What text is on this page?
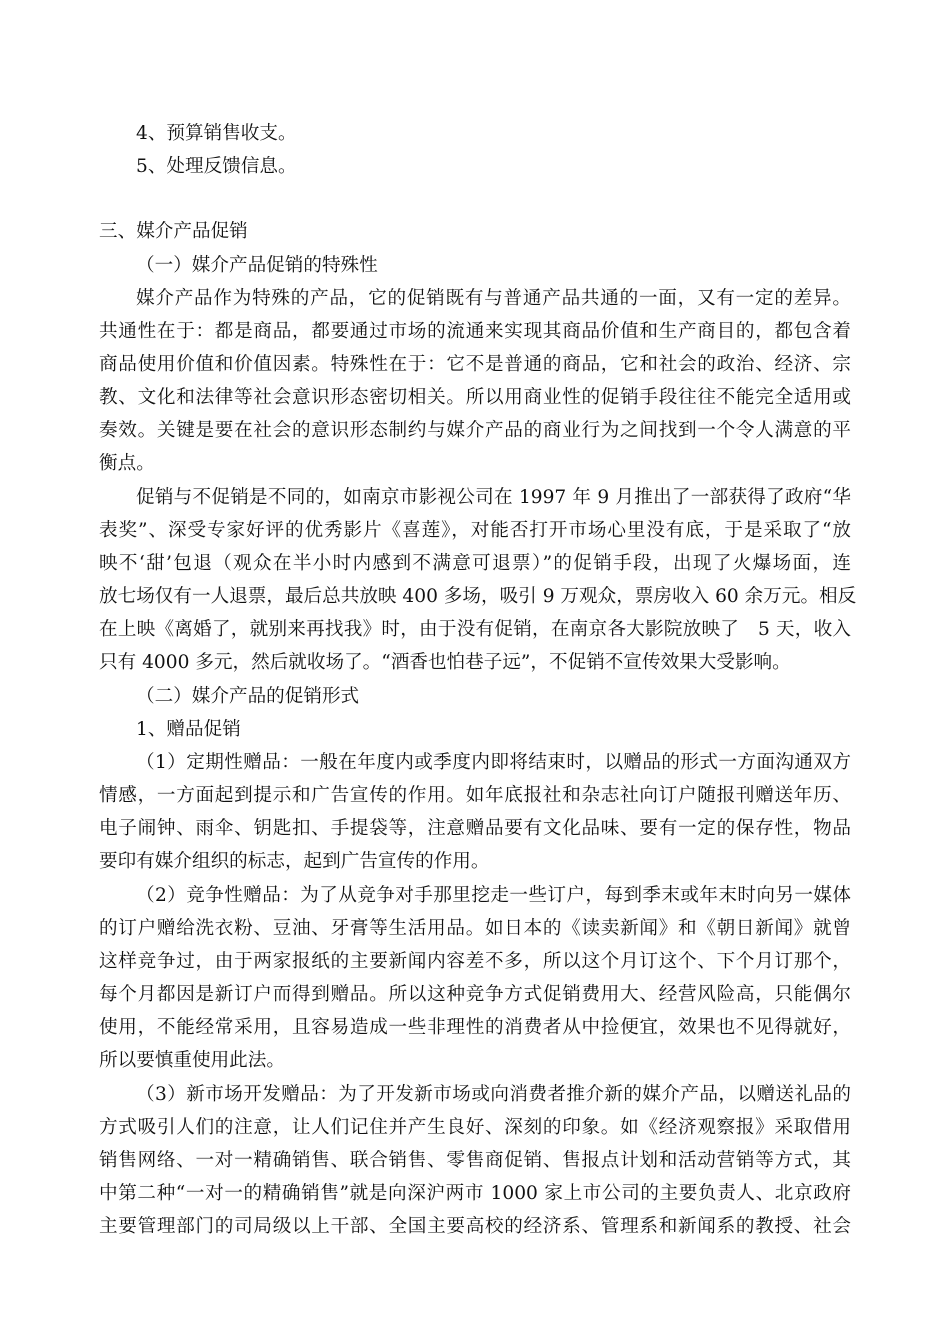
4、预算销售收支。
5、处理反馈信息。
三、媒介产品促销
（一）媒介产品促销的特殊性
媒介产品作为特殊的产品，它的促销既有与普通产品共通的一面，又有一定的差异。
共通性在于：都是商品，都要通过市场的流通来实现其商品价值和生产商目的，都包含着
商品使用价值和价值因素。特殊性在于：它不是普通的商品，它和社会的政治、经济、宗
教、文化和法律等社会意识形态密切相关。所以用商业性的促销手段往往不能完全适用或
奏效。关键是要在社会的意识形态制约与媒介产品的商业行为之间找到一个令人满意的平
衡点。
促销与不促销是不同的，如南京市影视公司在 1997 年 9 月推出了一部获得了政府“华
表奖”、深受专家好评的优秀影片《喜莲》，对能否打开市场心里没有底，于是采取了“放
映不‘甜’包退（观众在半小时内感到不满意可退票）”的促销手段，出现了火爆场面，连
放七场仅有一人退票，最后总共放映 400 多场，吸引 9 万观众，票房收入 60 余万元。相反
在上映《离婚了，就别来再找我》时，由于没有促销，在南京各大影院放映了　5 天，收入
只有 4000 多元，然后就收场了。“酒香也怕巷子远”，不促销不宣传效果大受影响。
（二）媒介产品的促销形式
1、赠品促销
（1）定期性赠品：一般在年度内或季度内即将结束时，以赠品的形式一方面沟通双方
情感，一方面起到提示和广告宣传的作用。如年底报社和杂志社向订户随报刊赠送年历、
电子闹钟、雨伞、钥匙扣、手提袋等，注意赠品要有文化品味、要有一定的保存性，物品
要印有媒介组织的标志，起到广告宣传的作用。
（2）竞争性赠品：为了从竞争对手那里挖走一些订户，每到季末或年末时向另一媒体
的订户赠给洗衣粉、豆油、牙膏等生活用品。如日本的《读卖新闻》和《朝日新闻》就曾
这样竞争过，由于两家报纸的主要新闻内容差不多，所以这个月订这个、下个月订那个，
每个月都因是新订户而得到赠品。所以这种竞争方式促销费用大、经营风险高，只能偶尔
使用，不能经常采用，且容易造成一些非理性的消费者从中捡便宜，效果也不见得就好，
所以要慎重使用此法。
（3）新市场开发赠品：为了开发新市场或向消费者推介新的媒介产品，以赠送礼品的
方式吸引人们的注意，让人们记住并产生良好、深刻的印象。如《经济观察报》采取借用
销售网络、一对一精确销售、联合销售、零售商促销、售报点计划和活动营销等方式，其
中第二种“一对一的精确销售”就是向深沪两市 1000 家上市公司的主要负责人、北京政府
主要管理部门的司局级以上干部、全国主要高校的经济系、管理系和新闻系的教授、社会
